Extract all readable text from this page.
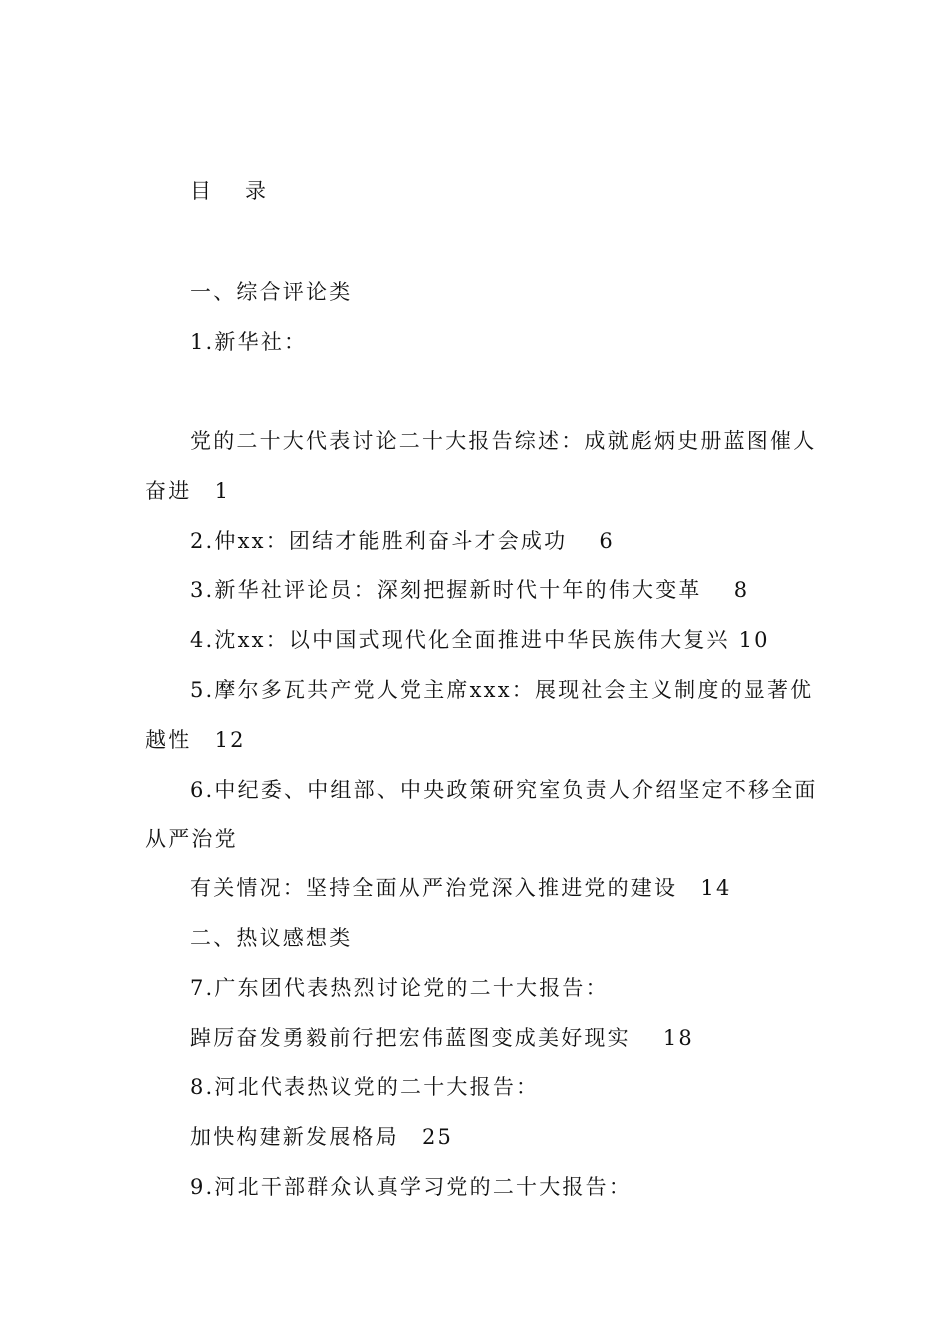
目 录
一、综合评论类
1.新华社：
党的二十大代表讨论二十大报告综述：成就彪炳史册蓝图催人
奋进　1
2.仲xx：团结才能胜利奋斗才会成功　 6
3.新华社评论员：深刻把握新时代十年的伟大变革　 8
4.沈xx：以中国式现代化全面推进中华民族伟大复兴 10
5.摩尔多瓦共产党人党主席xxx：展现社会主义制度的显著优
越性　12
6.中纪委、中组部、中央政策研究室负责人介绍坚定不移全面
从严治党
有关情况：坚持全面从严治党深入推进党的建设　14
二、热议感想类
7.广东团代表热烈讨论党的二十大报告：
踔厉奋发勇毅前行把宏伟蓝图变成美好现实　 18
8.河北代表热议党的二十大报告：
加快构建新发展格局　25
9.河北干部群众认真学习党的二十大报告：
